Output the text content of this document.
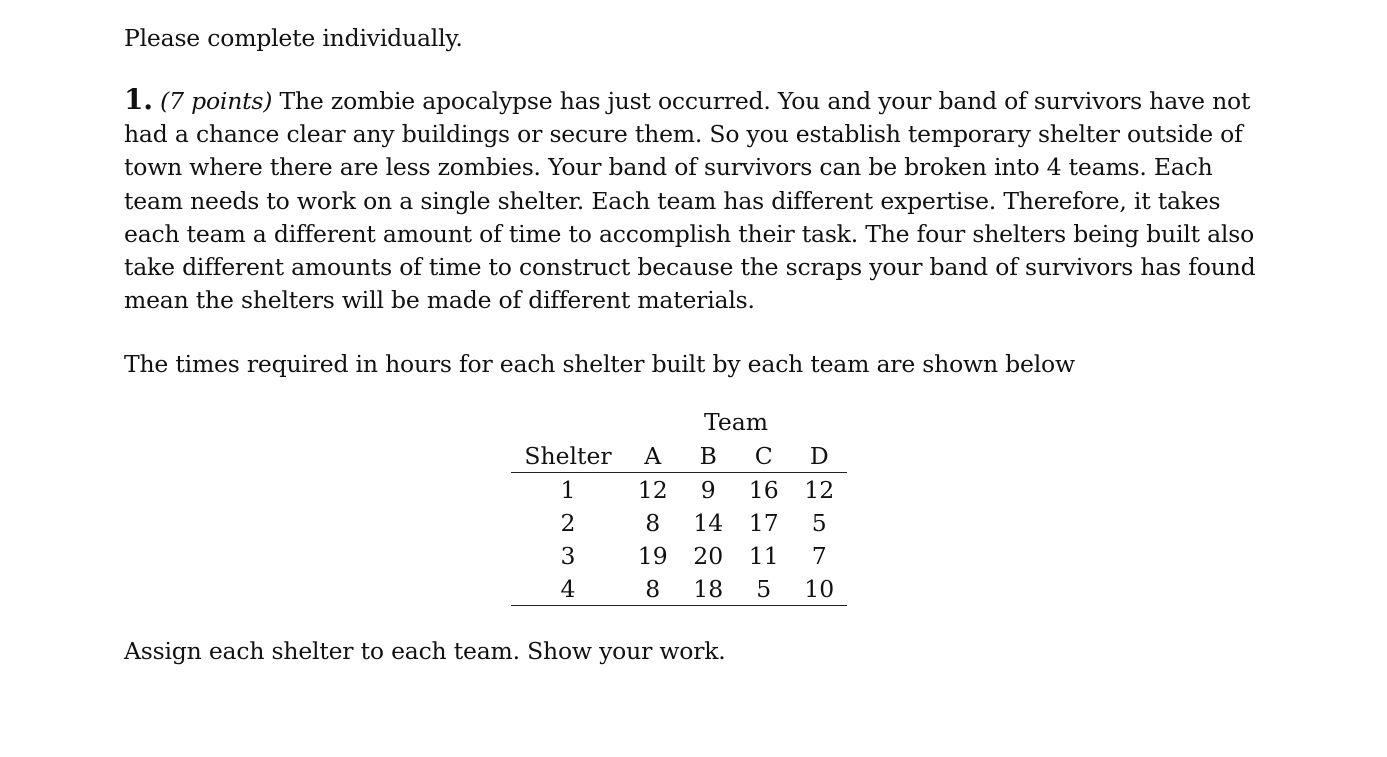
Please complete individually.

1. (7 points) The zombie apocalypse has just occurred. You and your band of survivors have not had a chance clear any buildings or secure them. So you establish temporary shelter outside of town where there are less zombies. Your band of survivors can be broken into 4 teams. Each team needs to work on a single shelter. Each team has different expertise. Therefore, it takes each team a different amount of time to accomplish their task. The four shelters being built also take different amounts of time to construct because the scraps your band of survivors has found mean the shelters will be made of different materials.
The times required in hours for each shelter built by each team are shown below
Team
Shelter	A	B	C	D
1	12	9	16	12
2	8	14	17	5
3	19	20	11	7
4	8	18	5	10
Assign each shelter to each team. Show your work.
